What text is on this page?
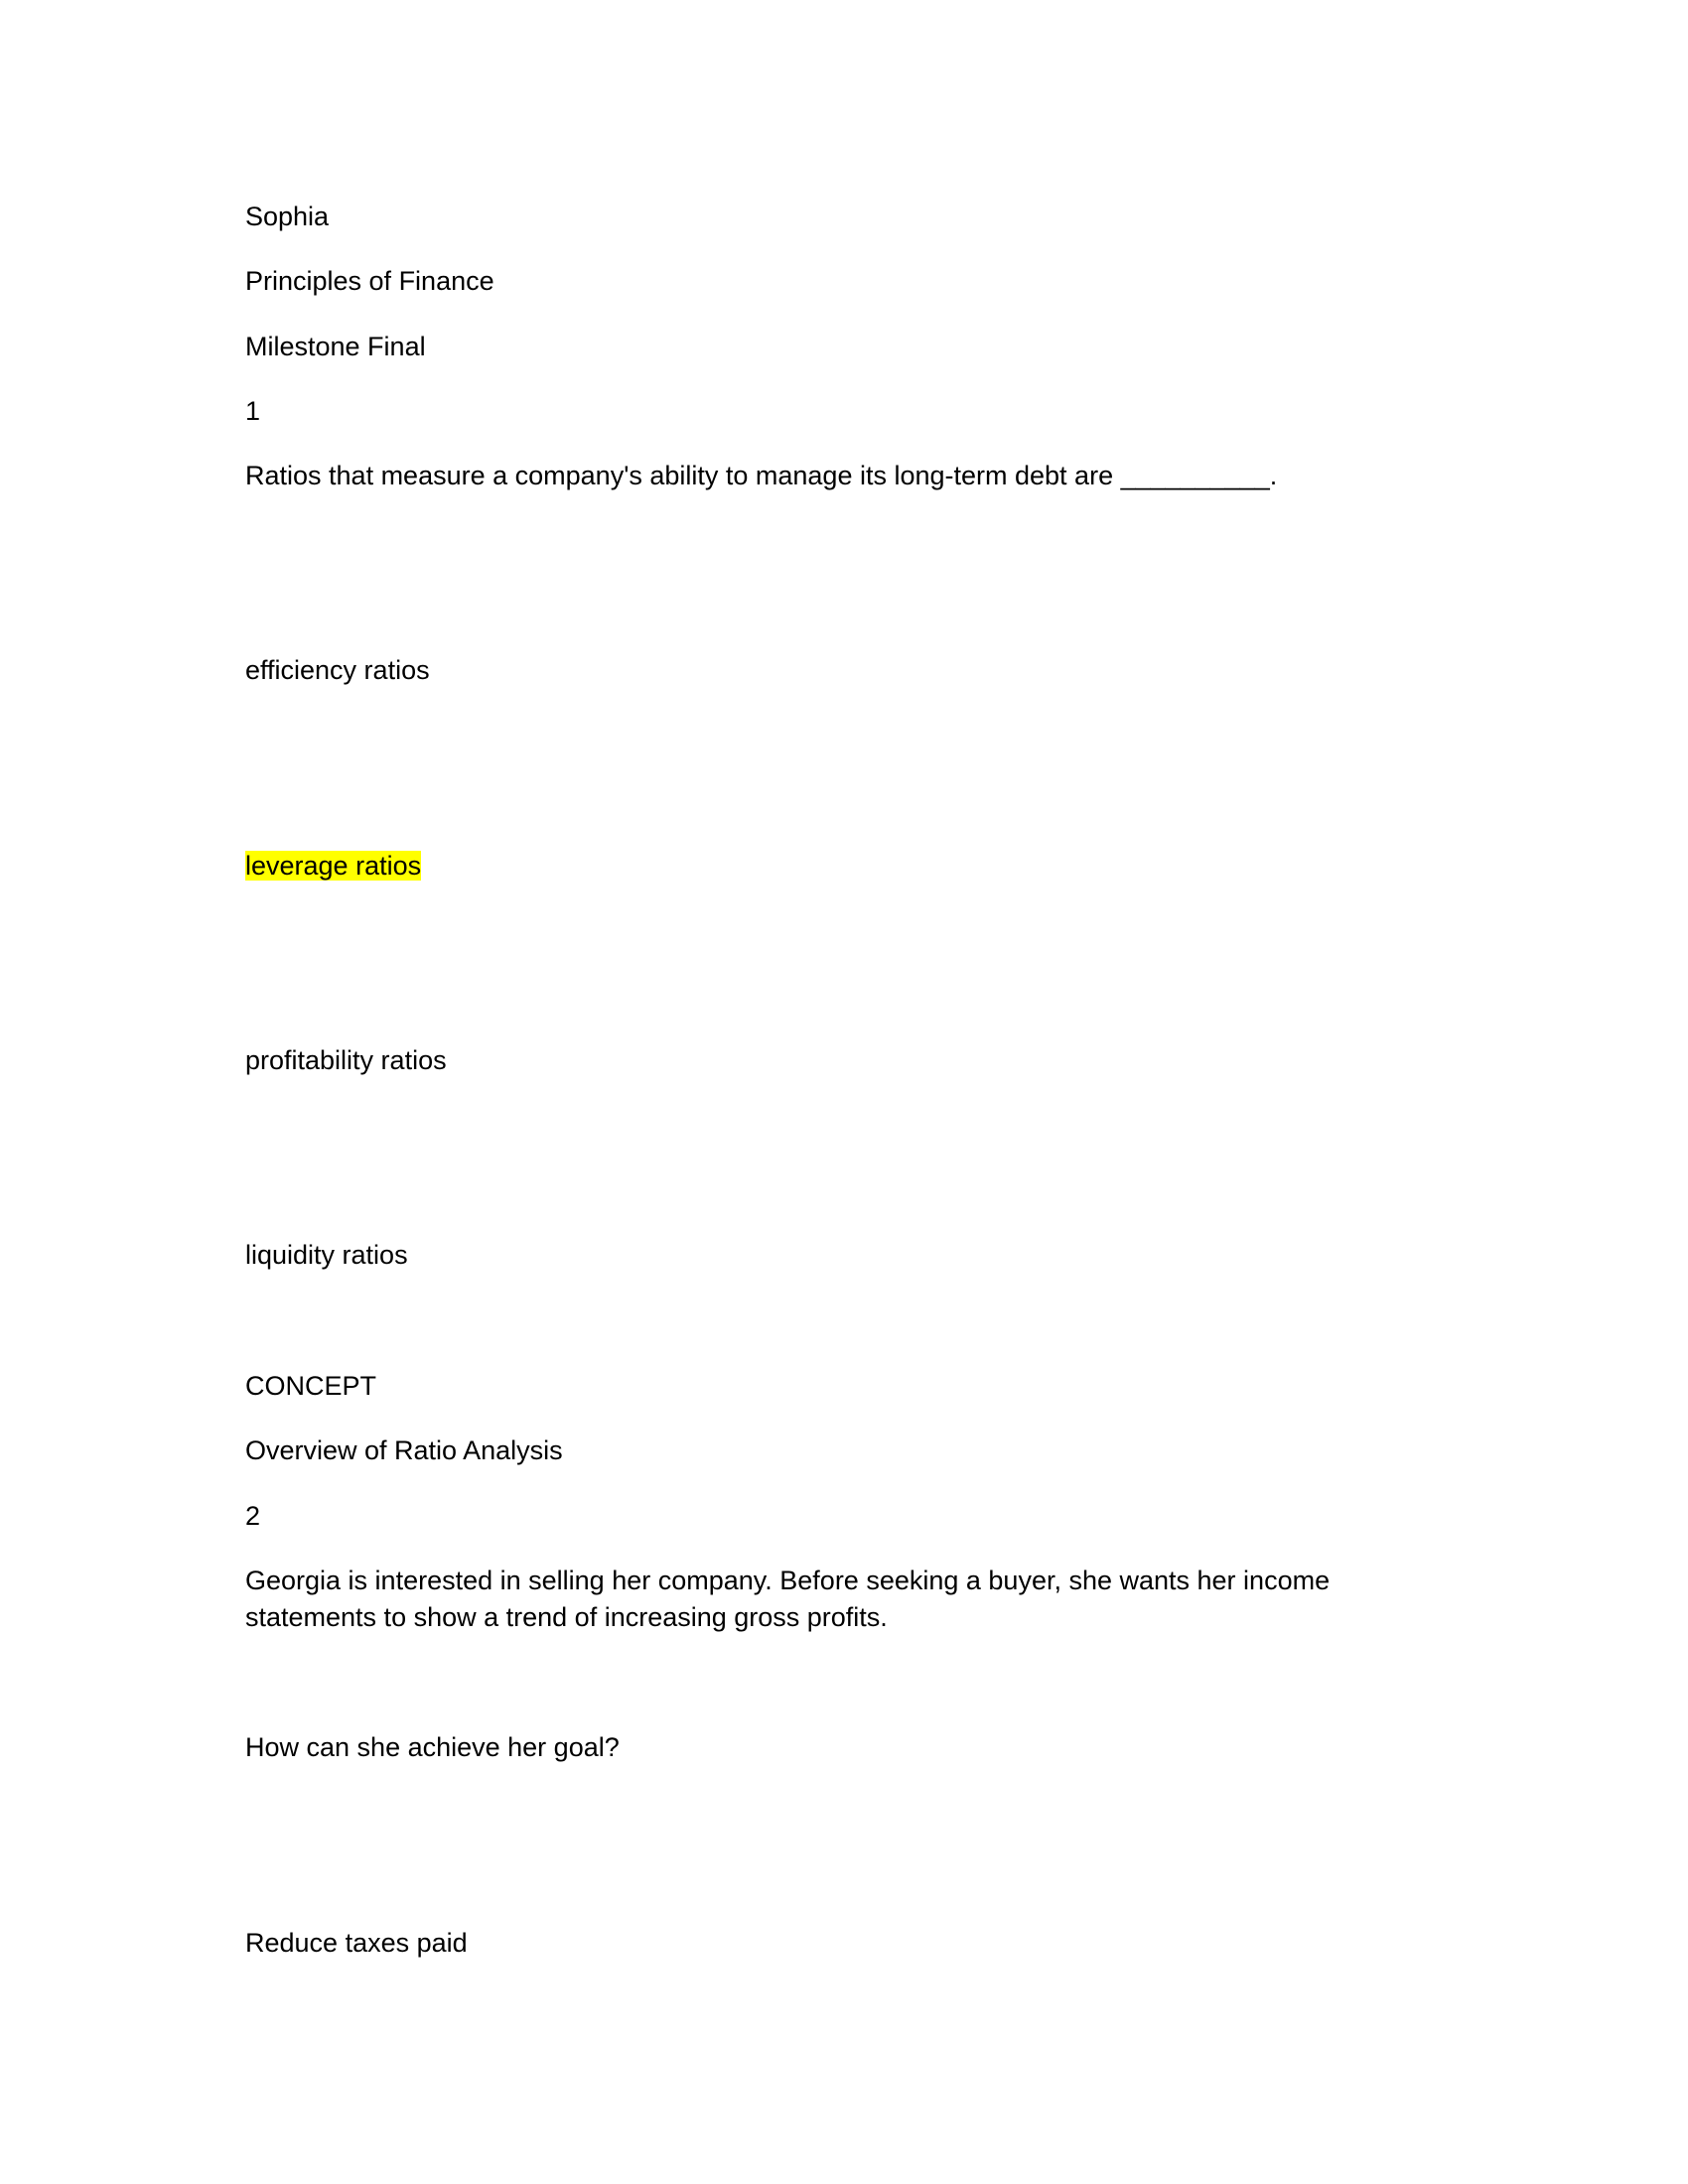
Sophia
Principles of Finance
Milestone Final
1
Ratios that measure a company's ability to manage its long-term debt are __________.
efficiency ratios
leverage ratios
profitability ratios
liquidity ratios
CONCEPT
Overview of Ratio Analysis
2
Georgia is interested in selling her company. Before seeking a buyer, she wants her income
statements to show a trend of increasing gross profits.
How can she achieve her goal?
Reduce taxes paid
